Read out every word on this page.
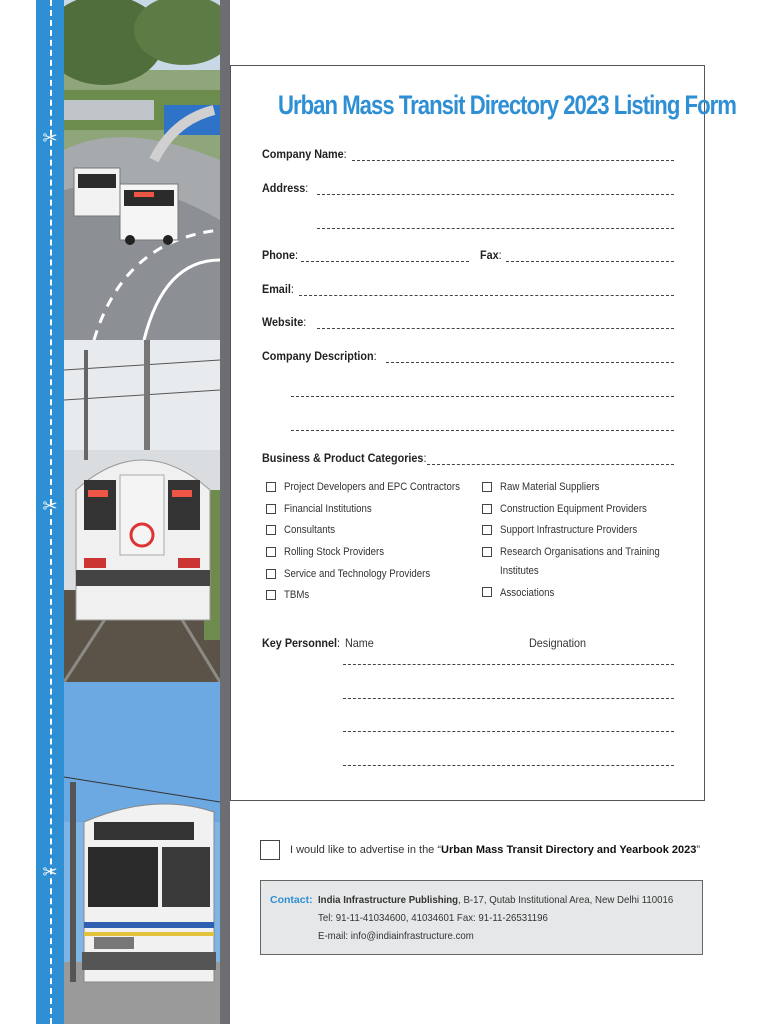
✂
✂
✂
Urban Mass Transit Directory 2023 Listing Form
Company Name:
Address:
Phone:	Fax:
Email:
Website:
Company Description:
Business & Product Categories:
Project Developers and EPC Contractors
Financial Institutions
Consultants
Rolling Stock Providers
Service and Technology Providers
TBMs
Raw Material Suppliers
Construction Equipment Providers
Support Infrastructure Providers
Research Organisations and Training
Institutes
Associations
Key Personnel: Name	Designation
I would like to advertise in the “Urban Mass Transit Directory and Yearbook 2023”
Contact: India Infrastructure Publishing, B-17, Qutab Institutional Area, New Delhi 110016
Tel: 91-11-41034600, 41034601 Fax: 91-11-26531196
E-mail: info@indiainfrastructure.com
